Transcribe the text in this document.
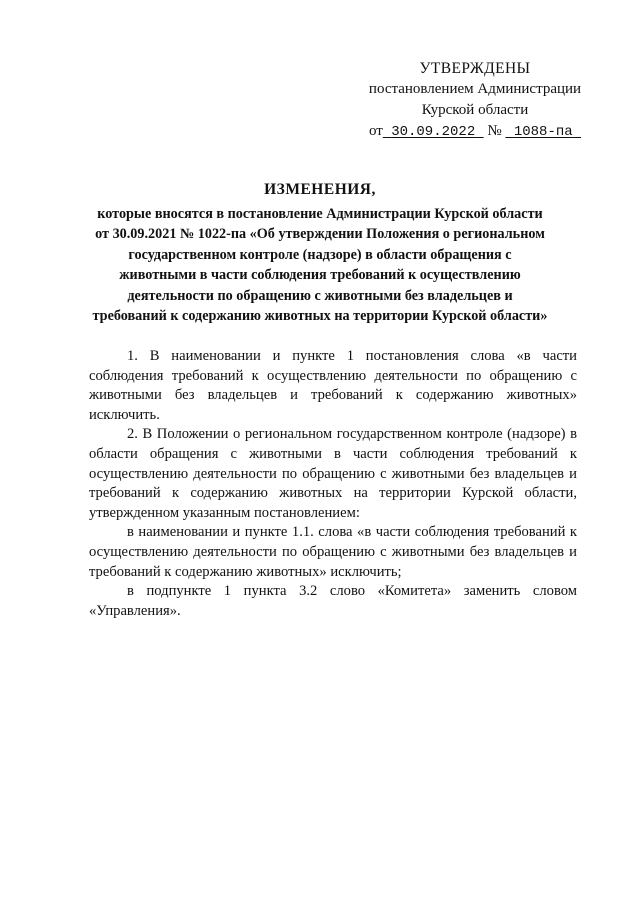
УТВЕРЖДЕНЫ
постановлением Администрации
Курской области
от 30.09.2022 № 1088-па
ИЗМЕНЕНИЯ,
которые вносятся в постановление Администрации Курской области от 30.09.2021 № 1022-па «Об утверждении Положения о региональном государственном контроле (надзоре) в области обращения с животными в части соблюдения требований к осуществлению деятельности по обращению с животными без владельцев и требований к содержанию животных на территории Курской области»

1. В наименовании и пункте 1 постановления слова «в части соблюдения требований к осуществлению деятельности по обращению с животными без владельцев и требований к содержанию животных» исключить.

2. В Положении о региональном государственном контроле (надзоре) в области обращения с животными в части соблюдения требований к осуществлению деятельности по обращению с животными без владельцев и требований к содержанию животных на территории Курской области, утвержденном указанным постановлением:

в наименовании и пункте 1.1. слова «в части соблюдения требований к осуществлению деятельности по обращению с животными без владельцев и требований к содержанию животных» исключить;

в подпункте 1 пункта 3.2 слово «Комитета» заменить словом «Управления».
